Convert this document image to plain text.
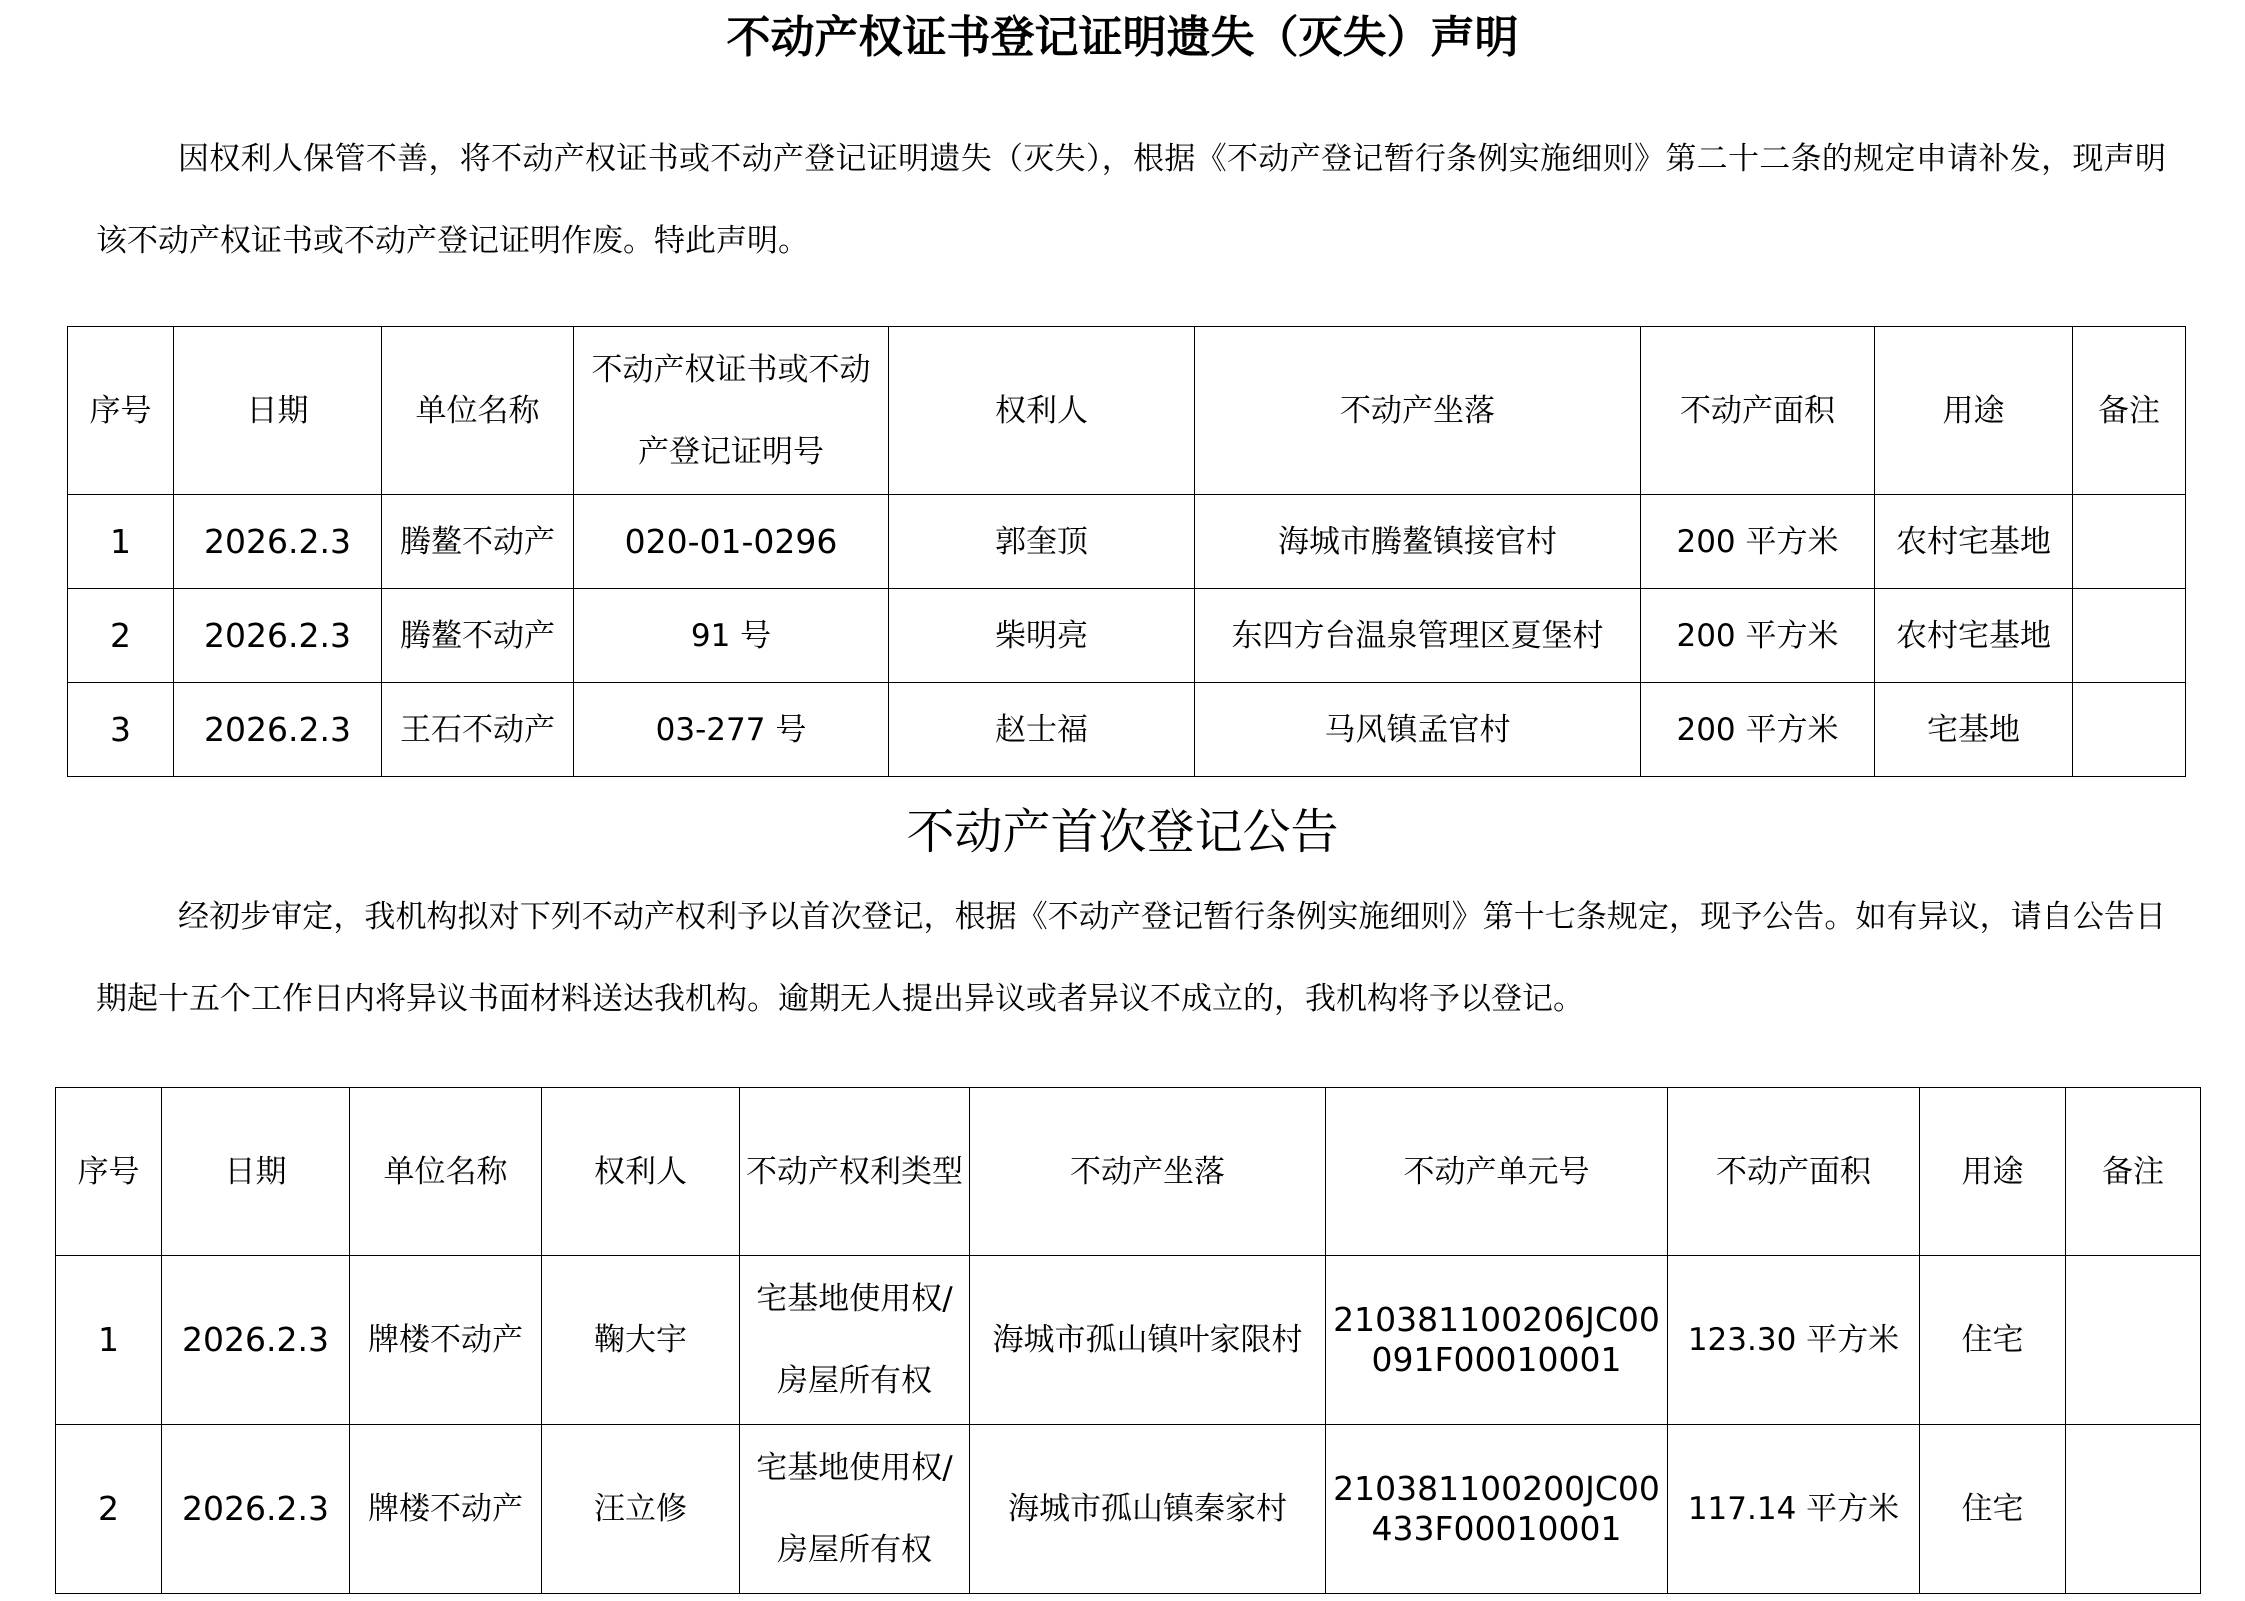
不动产权证书登记证明遗失（灭失）声明
因权利人保管不善，将不动产权证书或不动产登记证明遗失（灭失），根据《不动产登记暂行条例实施细则》第二十二条的规定申请补发，现声明该不动产权证书或不动产登记证明作废。特此声明。
序号	日期	单位名称	不动产权证书或不动产登记证明号	权利人	不动产坐落	不动产面积	用途	备注
1	2026.2.3	腾鳌不动产	020-01-0296	郭奎顶	海城市腾鳌镇接官村	200 平方米	农村宅基地	
2	2026.2.3	腾鳌不动产	91 号	柴明亮	东四方台温泉管理区夏堡村	200 平方米	农村宅基地	
3	2026.2.3	王石不动产	03-277 号	赵士福	马风镇孟官村	200 平方米	宅基地	
不动产首次登记公告
经初步审定，我机构拟对下列不动产权利予以首次登记，根据《不动产登记暂行条例实施细则》第十七条规定，现予公告。如有异议，请自公告日期起十五个工作日内将异议书面材料送达我机构。逾期无人提出异议或者异议不成立的，我机构将予以登记。
序号	日期	单位名称	权利人	不动产权利类型	不动产坐落	不动产单元号	不动产面积	用途	备注
1	2026.2.3	牌楼不动产	鞠大宇	宅基地使用权/房屋所有权	海城市孤山镇叶家限村	210381100206JC00091F00010001	123.30 平方米	住宅	
2	2026.2.3	牌楼不动产	汪立修	宅基地使用权/房屋所有权	海城市孤山镇秦家村	210381100200JC00433F00010001	117.14 平方米	住宅	
